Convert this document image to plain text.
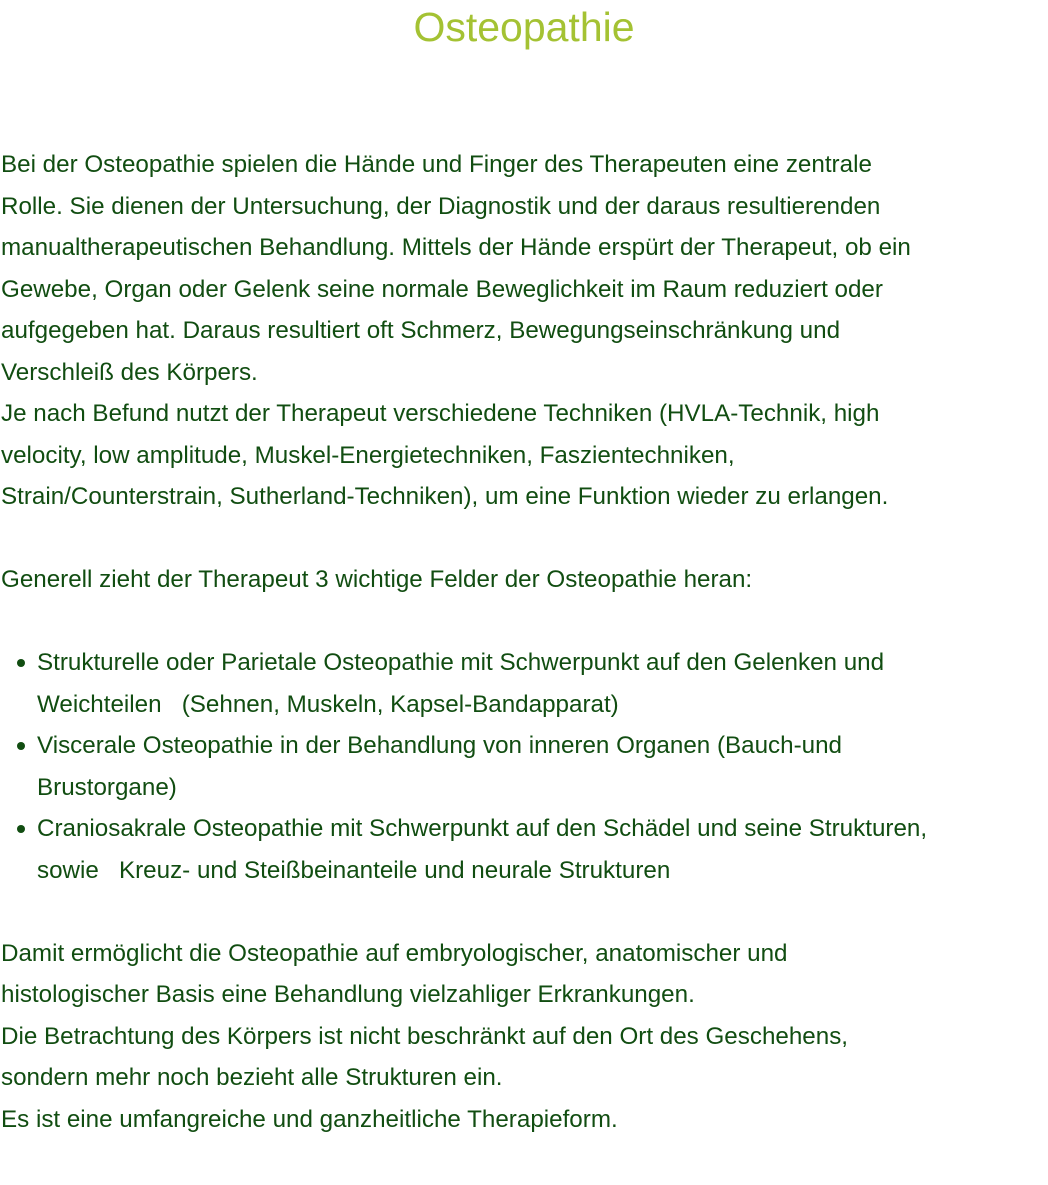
Osteopathie

Bei der Osteopathie spielen die Hände und Finger des Therapeuten eine zentrale

Rolle. Sie dienen der Untersuchung, der Diagnostik und der daraus resultierenden

manualtherapeutischen Behandlung. Mittels der Hände erspürt der Therapeut, ob ein

Gewebe, Organ oder Gelenk seine normale Beweglichkeit im Raum reduziert oder

aufgegeben hat. Daraus resultiert oft Schmerz, Bewegungseinschränkung und

Verschleiß des Körpers.

Je nach Befund nutzt der Therapeut verschiedene Techniken (HVLA-Technik, high

velocity, low amplitude, Muskel-Energietechniken, Faszientechniken,

Strain/Counterstrain, Sutherland-Techniken), um eine Funktion wieder zu erlangen.

Generell zieht der Therapeut 3 wichtige Felder der Osteopathie heran:

Strukturelle oder Parietale Osteopathie mit Schwerpunkt auf den Gelenken und
Weichteilen   (Sehnen, Muskeln, Kapsel-Bandapparat)
Viscerale Osteopathie in der Behandlung von inneren Organen (Bauch-und
Brustorgane)
Craniosakrale Osteopathie mit Schwerpunkt auf den Schädel und seine Strukturen,
sowie   Kreuz- und Steißbeinanteile und neurale Strukturen

Damit ermöglicht die Osteopathie auf embryologischer, anatomischer und

histologischer Basis eine Behandlung vielzahliger Erkrankungen.

Die Betrachtung des Körpers ist nicht beschränkt auf den Ort des Geschehens,

sondern mehr noch bezieht alle Strukturen ein.

Es ist eine umfangreiche und ganzheitliche Therapieform.
